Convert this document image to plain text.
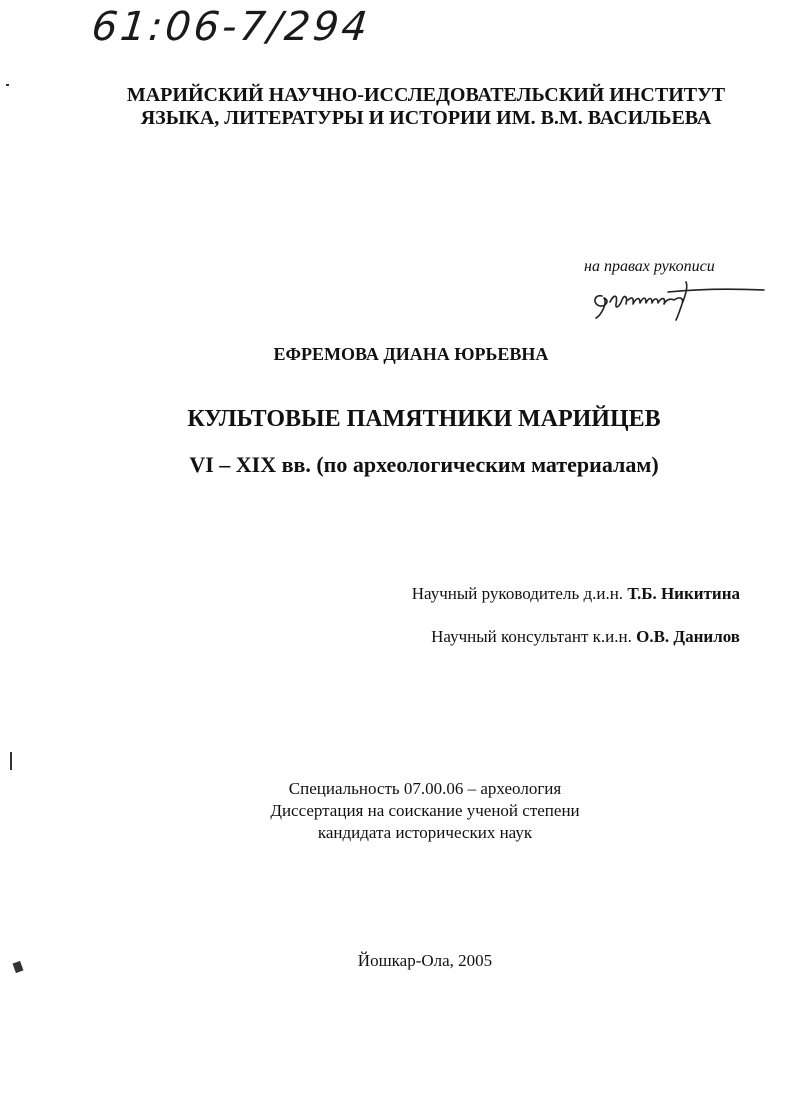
61:06-7/294
МАРИЙСКИЙ НАУЧНО-ИССЛЕДОВАТЕЛЬСКИЙ ИНСТИТУТ
ЯЗЫКА, ЛИТЕРАТУРЫ И ИСТОРИИ ИМ. В.М. ВАСИЛЬЕВА
на правах рукописи
ЕФРЕМОВА ДИАНА ЮРЬЕВНА
КУЛЬТОВЫЕ ПАМЯТНИКИ МАРИЙЦЕВ
VI – XIX вв. (по археологическим материалам)
Научный руководитель д.и.н. Т.Б. Никитина
Научный консультант к.и.н. О.В. Данилов
Специальность 07.00.06 – археология
Диссертация на соискание ученой степени
кандидата исторических наук
Йошкар-Ола, 2005
